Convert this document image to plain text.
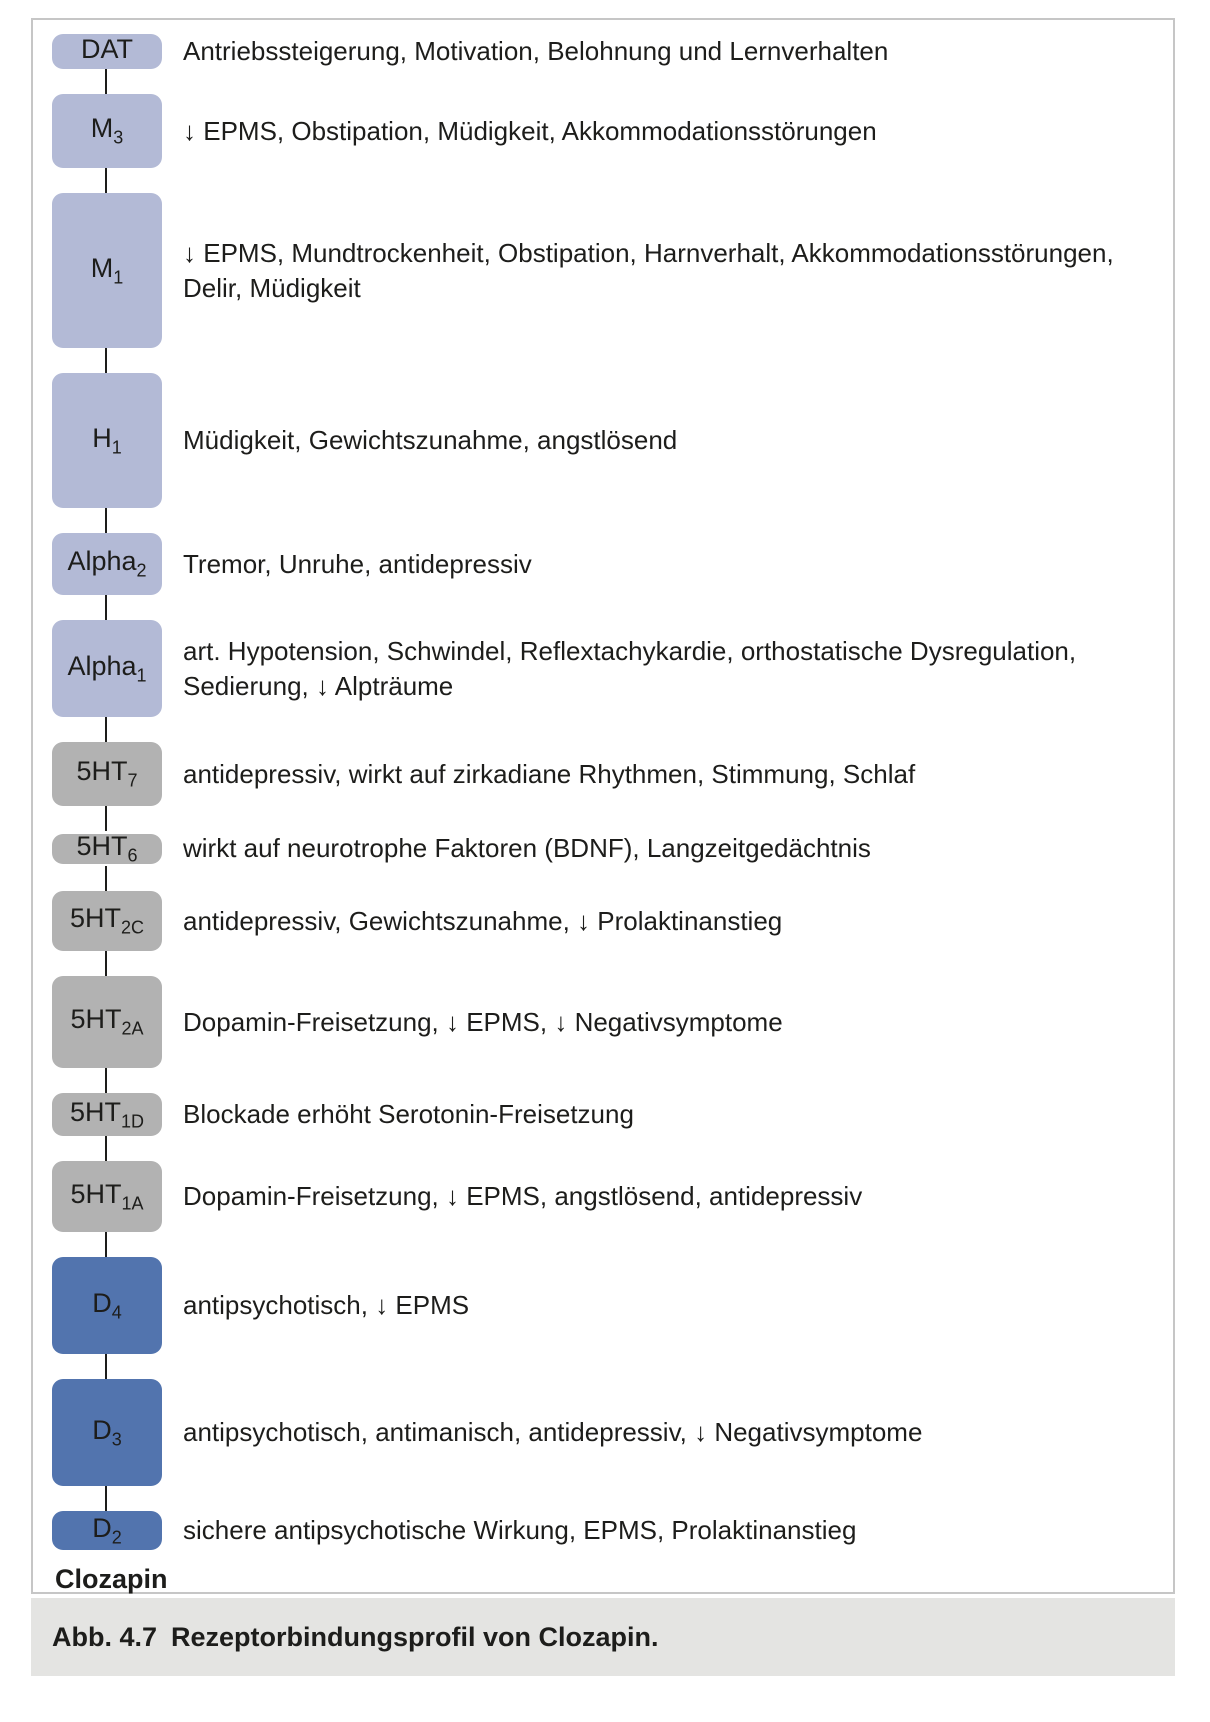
DAT Antriebssteigerung, Motivation, Belohnung und Lernverhalten
$M_3$ ↓ EPMS, Obstipation, Müdigkeit, Akkommodationsstörungen
$M_1$
↓ EPMS, Mundtrockenheit, Obstipation, Harnverhalt, Akkommodationsstörungen, Delir, Müdigkeit
$H_1$ Müdigkeit, Gewichtszunahme, angstlösend
Alpha$_2$ Tremor, Unruhe, antidepressiv
Alpha$_1$
art. Hypotension, Schwindel, Reflextachykardie, orthostatische Dysregulation, Sedierung, ↓ Alpträume
$5HT_7$ antidepressiv, wirkt auf zirkadiane Rhythmen, Stimmung, Schlaf
$5HT_6$ wirkt auf neurotrophe Faktoren (BDNF), Langzeitgedächtnis
$5HT_{2C}$ antidepressiv, Gewichtszunahme, ↓ Prolaktinanstieg
$5HT_{2A}$ Dopamin-Freisetzung, ↓ EPMS, ↓ Negativsymptome
$5HT_{1D}$ Blockade erhöht Serotonin-Freisetzung
$5HT_{1A}$ Dopamin-Freisetzung, ↓ EPMS, angstlösend, antidepressiv
$D_4$ antipsychotisch, ↓ EPMS
$D_3$ antipsychotisch, antimanisch, antidepressiv, ↓ Negativsymptome
$D_2$ sichere antipsychotische Wirkung, EPMS, Prolaktinanstieg
Clozapin
Abb. 4.7 Rezeptorbindungsprofil von Clozapin.
